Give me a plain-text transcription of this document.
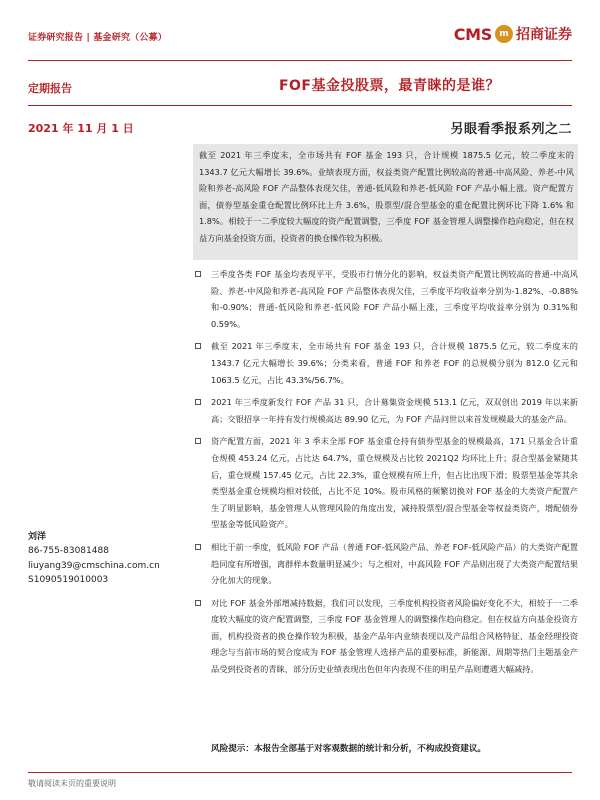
证券研究报告 | 基金研究（公募）	CMS m 招商证券
定期报告	FOF基金投股票，最青睐的是谁？
2021 年 11 月 1 日	另眼看季报系列之二
截至 2021 年三季度末，全市场共有 FOF 基金 193 只，合计规模 1875.5 亿元，较二季度末的 1343.7 亿元大幅增长 39.6%。业绩表现方面，权益类资产配置比例较高的普通-中高风险、养老-中风险和养老-高风险 FOF 产品整体表现欠佳，普通-低风险和养老-低风险 FOF 产品小幅上涨。资产配置方面，债券型基金重仓配置比例环比上升 3.6%，股票型/混合型基金的重仓配置比例环比下降 1.6% 和 1.8%。相较于一二季度较大幅度的资产配置调整，三季度 FOF 基金管理人调整操作趋向稳定，但在权益方向基金投资方面，投资者的换仓操作较为积极。
三季度各类 FOF 基金均表现平平，受股市行情分化的影响，权益类资产配置比例较高的普通-中高风险、养老-中风险和养老-高风险 FOF 产品整体表现欠佳，三季度平均收益率分别为-1.82%、-0.88%和-0.90%；普通-低风险和养老-低风险 FOF 产品小幅上涨，三季度平均收益率分别为 0.31%和 0.59%。
截至 2021 年三季度末，全市场共有 FOF 基金 193 只，合计规模 1875.5 亿元，较二季度末的 1343.7 亿元大幅增长 39.6%；分类来看，普通 FOF 和养老 FOF 的总规模分别为 812.0 亿元和 1063.5 亿元，占比 43.3%/56.7%。
2021 年三季度新发行 FOF 产品 31 只，合计募集资金规模 513.1 亿元，双双创出 2019 年以来新高；交银招享一年持有发行规模高达 89.90 亿元，为 FOF 产品问世以来首发规模最大的基金产品。
资产配置方面，2021 年 3 季末全部 FOF 基金重仓持有债券型基金的规模最高，171 只基金合计重仓规模 453.24 亿元，占比达 64.7%，重仓规模及占比较 2021Q2 均环比上升；混合型基金紧随其后，重仓规模 157.45 亿元，占比 22.3%，重仓规模有所上升，但占比出现下滑；股票型基金等其余类型基金重仓规模均相对较低，占比不足 10%。股市风格的频繁切换对 FOF 基金的大类资产配置产生了明显影响，基金管理人从管理风险的角度出发，减持股票型/混合型基金等权益类资产，增配债券型基金等低风险资产。
相比于前一季度，低风险 FOF 产品（普通 FOF-低风险产品、养老 FOF-低风险产品）的大类资产配置趋同度有所增强，离群样本数量明显减少；与之相对，中高风险 FOF 产品则出现了大类资产配置结果分化加大的现象。
对比 FOF 基金外部增减持数据，我们可以发现，三季度机构投资者风险偏好变化不大，相较于一二季度较大幅度的资产配置调整，三季度 FOF 基金管理人的调整操作趋向稳定。但在权益方向基金投资方面，机构投资者的换仓操作较为积极，基金产品年内业绩表现以及产品组合风格特征、基金经理投资理念与当前市场的契合度成为 FOF 基金管理人选择产品的重要标准，新能源、周期等热门主题基金产品受到投资者的青睐，部分历史业绩表现出色但年内表现不佳的明星产品则遭遇大幅减持。
风险提示：本报告全部基于对客观数据的统计和分析，不构成投资建议。
刘洋
86-755-83081488
liuyang39@cmschina.com.cn
S1090519010003
敬请阅读末页的重要说明
